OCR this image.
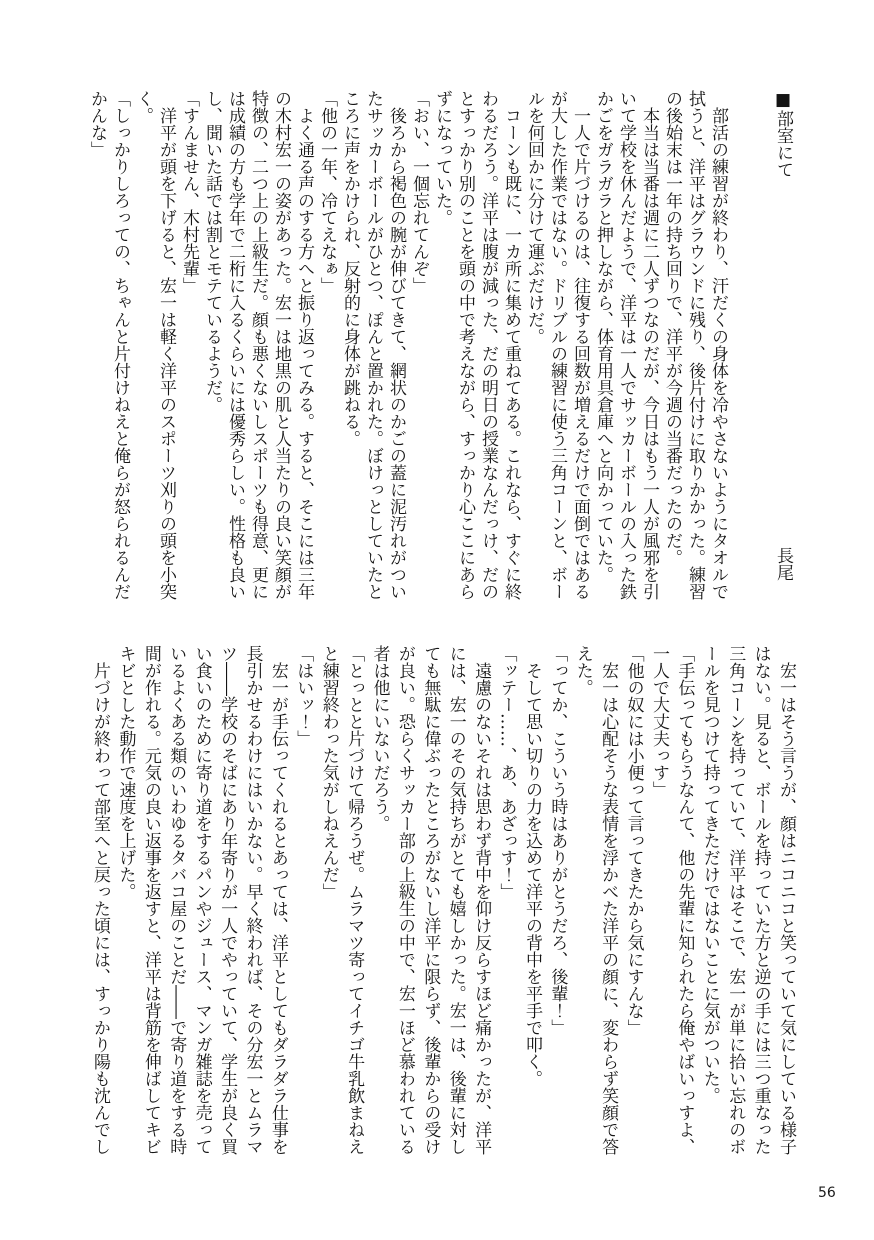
■部室にて
長尾
　部活の練習が終わり、汗だくの身体を冷やさないようにタオルで
拭うと、洋平はグラウンドに残り、後片付けに取りかかった。練習
の後始末は一年の持ち回りで、洋平が今週の当番だったのだ。
　本当は当番は週に二人ずつなのだが、今日はもう一人が風邪を引
いて学校を休んだようで、洋平は一人でサッカーボールの入った鉄
かごをガラガラと押しながら、体育用具倉庫へと向かっていた。
　一人で片づけるのは、往復する回数が増えるだけで面倒ではある
が大した作業ではない。ドリブルの練習に使う三角コーンと、ボー
ルを何回かに分けて運ぶだけだ。
　コーンも既に、一カ所に集めて重ねてある。これなら、すぐに終
わるだろう。洋平は腹が減った、だの明日の授業なんだっけ、だの
とすっかり別のことを頭の中で考えながら、すっかり心ここにあら
ずになっていた。
「おい、一個忘れてんぞ」
　後ろから褐色の腕が伸びてきて、網状のかごの蓋に泥汚れがつい
たサッカーボールがひとつ、ぽんと置かれた。ぼけっとしていたと
ころに声をかけられ、反射的に身体が跳ねる。
「他の一年、冷てえなぁ」
　よく通る声のする方へと振り返ってみる。すると、そこには三年
の木村宏一の姿があった。宏一は地黒の肌と人当たりの良い笑顔が
特徴の、二つ上の上級生だ。顔も悪くないしスポーツも得意、更に
は成績の方も学年で二桁に入るくらいには優秀らしい。性格も良い
し、聞いた話では割とモテているようだ。
「すんません、木村先輩」
　洋平が頭を下げると、宏一は軽く洋平のスポーツ刈りの頭を小突
く。
「しっかりしろっての、ちゃんと片付けねえと俺らが怒られるんだ
かんな」
　宏一はそう言うが、顔はニコニコと笑っていて気にしている様子
はない。見ると、ボールを持っていた方と逆の手には三つ重なった
三角コーンを持っていて、洋平はそこで、宏一が単に拾い忘れのボ
ールを見つけて持ってきただけではないことに気がついた。
「手伝ってもらうなんて、他の先輩に知られたら俺やばいっすよ、
一人で大丈夫っす」
「他の奴には小便って言ってきたから気にすんな」
　宏一は心配そうな表情を浮かべた洋平の顔に、変わらず笑顔で答
えた。
「ってか、こういう時はありがとうだろ、後輩！」
　そして思い切りの力を込めて洋平の背中を平手で叩く。
「ッテー……、あ、あざっす！」
　遠慮のないそれは思わず背中を仰け反らすほど痛かったが、洋平
には、宏一のその気持ちがとても嬉しかった。宏一は、後輩に対し
ても無駄に偉ぶったところがないし洋平に限らず、後輩からの受け
が良い。恐らくサッカー部の上級生の中で、宏一ほど慕われている
者は他にいないだろう。
「とっとと片づけて帰ろうぜ。ムラマツ寄ってイチゴ牛乳飲まねえ
と練習終わった気がしねえんだ」
「はいッ！」
　宏一が手伝ってくれるとあっては、洋平としてもダラダラ仕事を
長引かせるわけにはいかない。早く終われば、その分宏一とムラマ
ツ――学校のそばにあり年寄りが一人でやっていて、学生が良く買
い食いのために寄り道をするパンやジュース、マンガ雑誌を売って
いるよくある類のいわゆるタバコ屋のことだ――で寄り道をする時
間が作れる。元気の良い返事を返すと、洋平は背筋を伸ばしてキビ
キビとした動作で速度を上げた。
　片づけが終わって部室へと戻った頃には、すっかり陽も沈んでし
56
